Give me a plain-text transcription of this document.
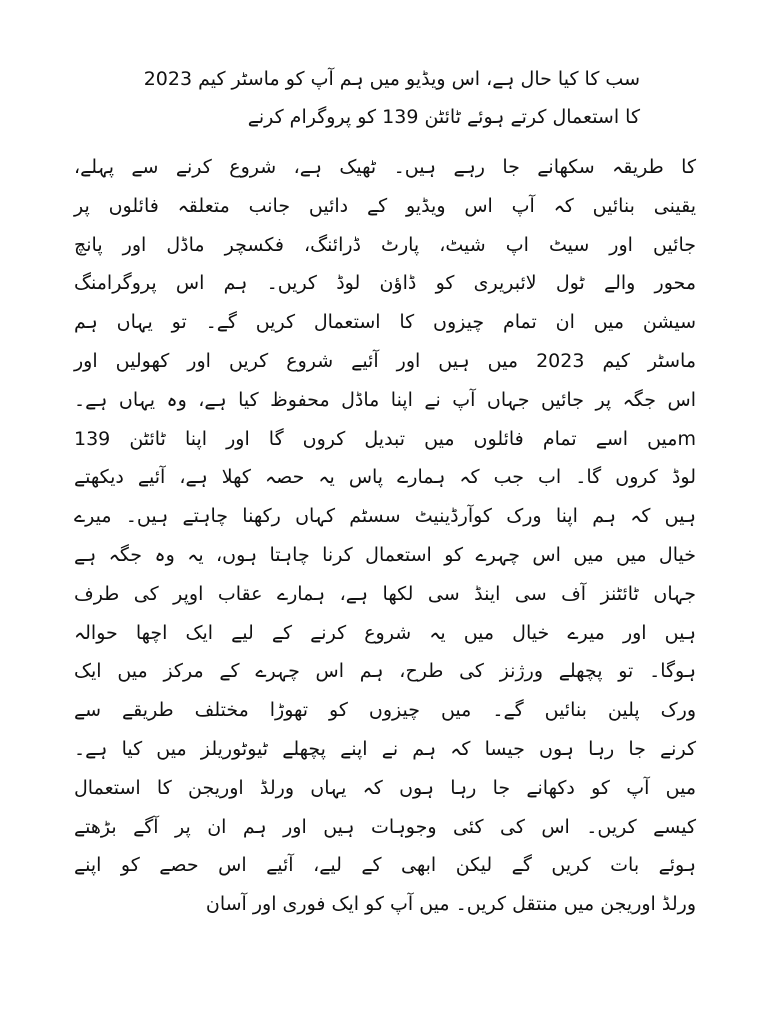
سب کا کیا حال ہے، اس ویڈیو میں ہم آپ کو ماسٹر کیم 2023
کا استعمال کرتے ہوئے ٹائٹن 139 کو پروگرام کرنے
کا طریقہ سکھانے جا رہے ہیں۔ ٹھیک ہے، شروع کرنے سے پہلے،
یقینی بنائیں کہ آپ اس ویڈیو کے دائیں جانب متعلقہ فائلوں پر
جائیں اور سیٹ اپ شیٹ، پارٹ ڈرائنگ، فکسچر ماڈل اور پانچ
محور والے ٹول لائبریری کو ڈاؤن لوڈ کریں۔ ہم اس پروگرامنگ
سیشن میں ان تمام چیزوں کا استعمال کریں گے۔ تو یہاں ہم
ماسٹر کیم 2023 میں ہیں اور آئیے شروع کریں اور کھولیں اور
اس جگہ پر جائیں جہاں آپ نے اپنا ماڈل محفوظ کیا ہے، وہ یہاں ہے۔
mمیں اسے تمام فائلوں میں تبدیل کروں گا اور اپنا ٹائٹن 139
لوڈ کروں گا۔ اب جب کہ ہمارے پاس یہ حصہ کھلا ہے، آئیے دیکھتے
ہیں کہ ہم اپنا ورک کوآرڈینیٹ سسٹم کہاں رکھنا چاہتے ہیں۔ میرے
خیال میں میں اس چہرے کو استعمال کرنا چاہتا ہوں، یہ وہ جگہ ہے
جہاں ٹائٹنز آف سی اینڈ سی لکھا ہے، ہمارے عقاب اوپر کی طرف
ہیں اور میرے خیال میں یہ شروع کرنے کے لیے ایک اچھا حوالہ
ہوگا۔ تو پچھلے ورژنز کی طرح، ہم اس چہرے کے مرکز میں ایک
ورک پلین بنائیں گے۔ میں چیزوں کو تھوڑا مختلف طریقے سے
کرنے جا رہا ہوں جیسا کہ ہم نے اپنے پچھلے ٹیوٹوریلز میں کیا ہے۔
میں آپ کو دکھانے جا رہا ہوں کہ یہاں ورلڈ اوریجن کا استعمال
کیسے کریں۔ اس کی کئی وجوہات ہیں اور ہم ان پر آگے بڑھتے
ہوئے بات کریں گے لیکن ابھی کے لیے، آئیے اس حصے کو اپنے
ورلڈ اوریجن میں منتقل کریں۔ میں آپ کو ایک فوری اور آسان
